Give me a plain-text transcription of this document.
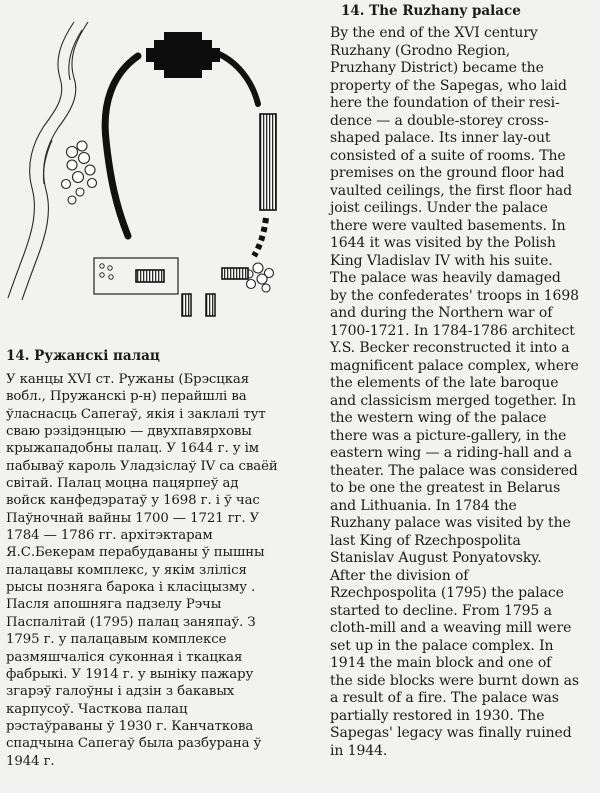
14. The Ruzhany palace
By the end of the XVI century
Ruzhany (Grodno Region,
Pruzhany District) became the
property of the Sapegas, who laid
here the foundation of their resi-
dence — a double-storey cross-
shaped palace. Its inner lay-out
consisted of a suite of rooms. The
premises on the ground floor had
vaulted ceilings, the first floor had
joist ceilings. Under the palace
there were vaulted basements. In
1644 it was visited by the Polish
King Vladislav IV with his suite.
The palace was heavily damaged
by the confederates' troops in 1698
and during the Northern war of
1700-1721. In 1784-1786 architect
Y.S. Becker reconstructed it into a
magnificent palace complex, where
the elements of the late baroque
and classicism merged together. In
the western wing of the palace
there was a picture-gallery, in the
eastern wing — a riding-hall and a
theater. The palace was considered
to be one the greatest in Belarus
and Lithuania. In 1784 the
Ruzhany palace was visited by the
last King of Rzechpospolita
Stanislav August Ponyatovsky.
After the division of
Rzechpospolita (1795) the palace
started to decline. From 1795 a
cloth-mill and a weaving mill were
set up in the palace complex. In
1914 the main block and one of
the side blocks were burnt down as
a result of a fire. The palace was
partially restored in 1930. The
Sapegas' legacy was finally ruined
in 1944.
14. Ружанскі палац
У канцы XVI ст. Ружаны (Брэсцкая
вобл., Пружанскі р-н) перайшлі ва
ўласнасць Сапегаў, якія і заклалі тут
сваю рэзідэнцыю — двухпавярховы
крыжападобны палац. У 1644 г. у ім
пабываў кароль Уладзіслаў IV са сваёй
світай. Палац моцна пацярпеў ад
войск канфедэратаў у 1698 г. і ў час
Паўночнай вайны 1700 — 1721 гг. У
1784 — 1786 гг. архітэктарам
Я.С.Бекерам перабудаваны ў пышны
палацавы комплекс, у якім зліліся
рысы позняга барока і класіцызму .
Пасля апошняга падзелу Рэчы
Паспалітай (1795) палац заняпаў. З
1795 г. у палацавым комплексе
размяшчаліся суконная і ткацкая
фабрыкі. У 1914 г. у выніку пажару
згарэў галоўны і адзін з бакавых
карпусоў. Часткова палац
рэстаўраваны ў 1930 г. Канчаткова
спадчына Сапегаў была разбурана ў
1944 г.
